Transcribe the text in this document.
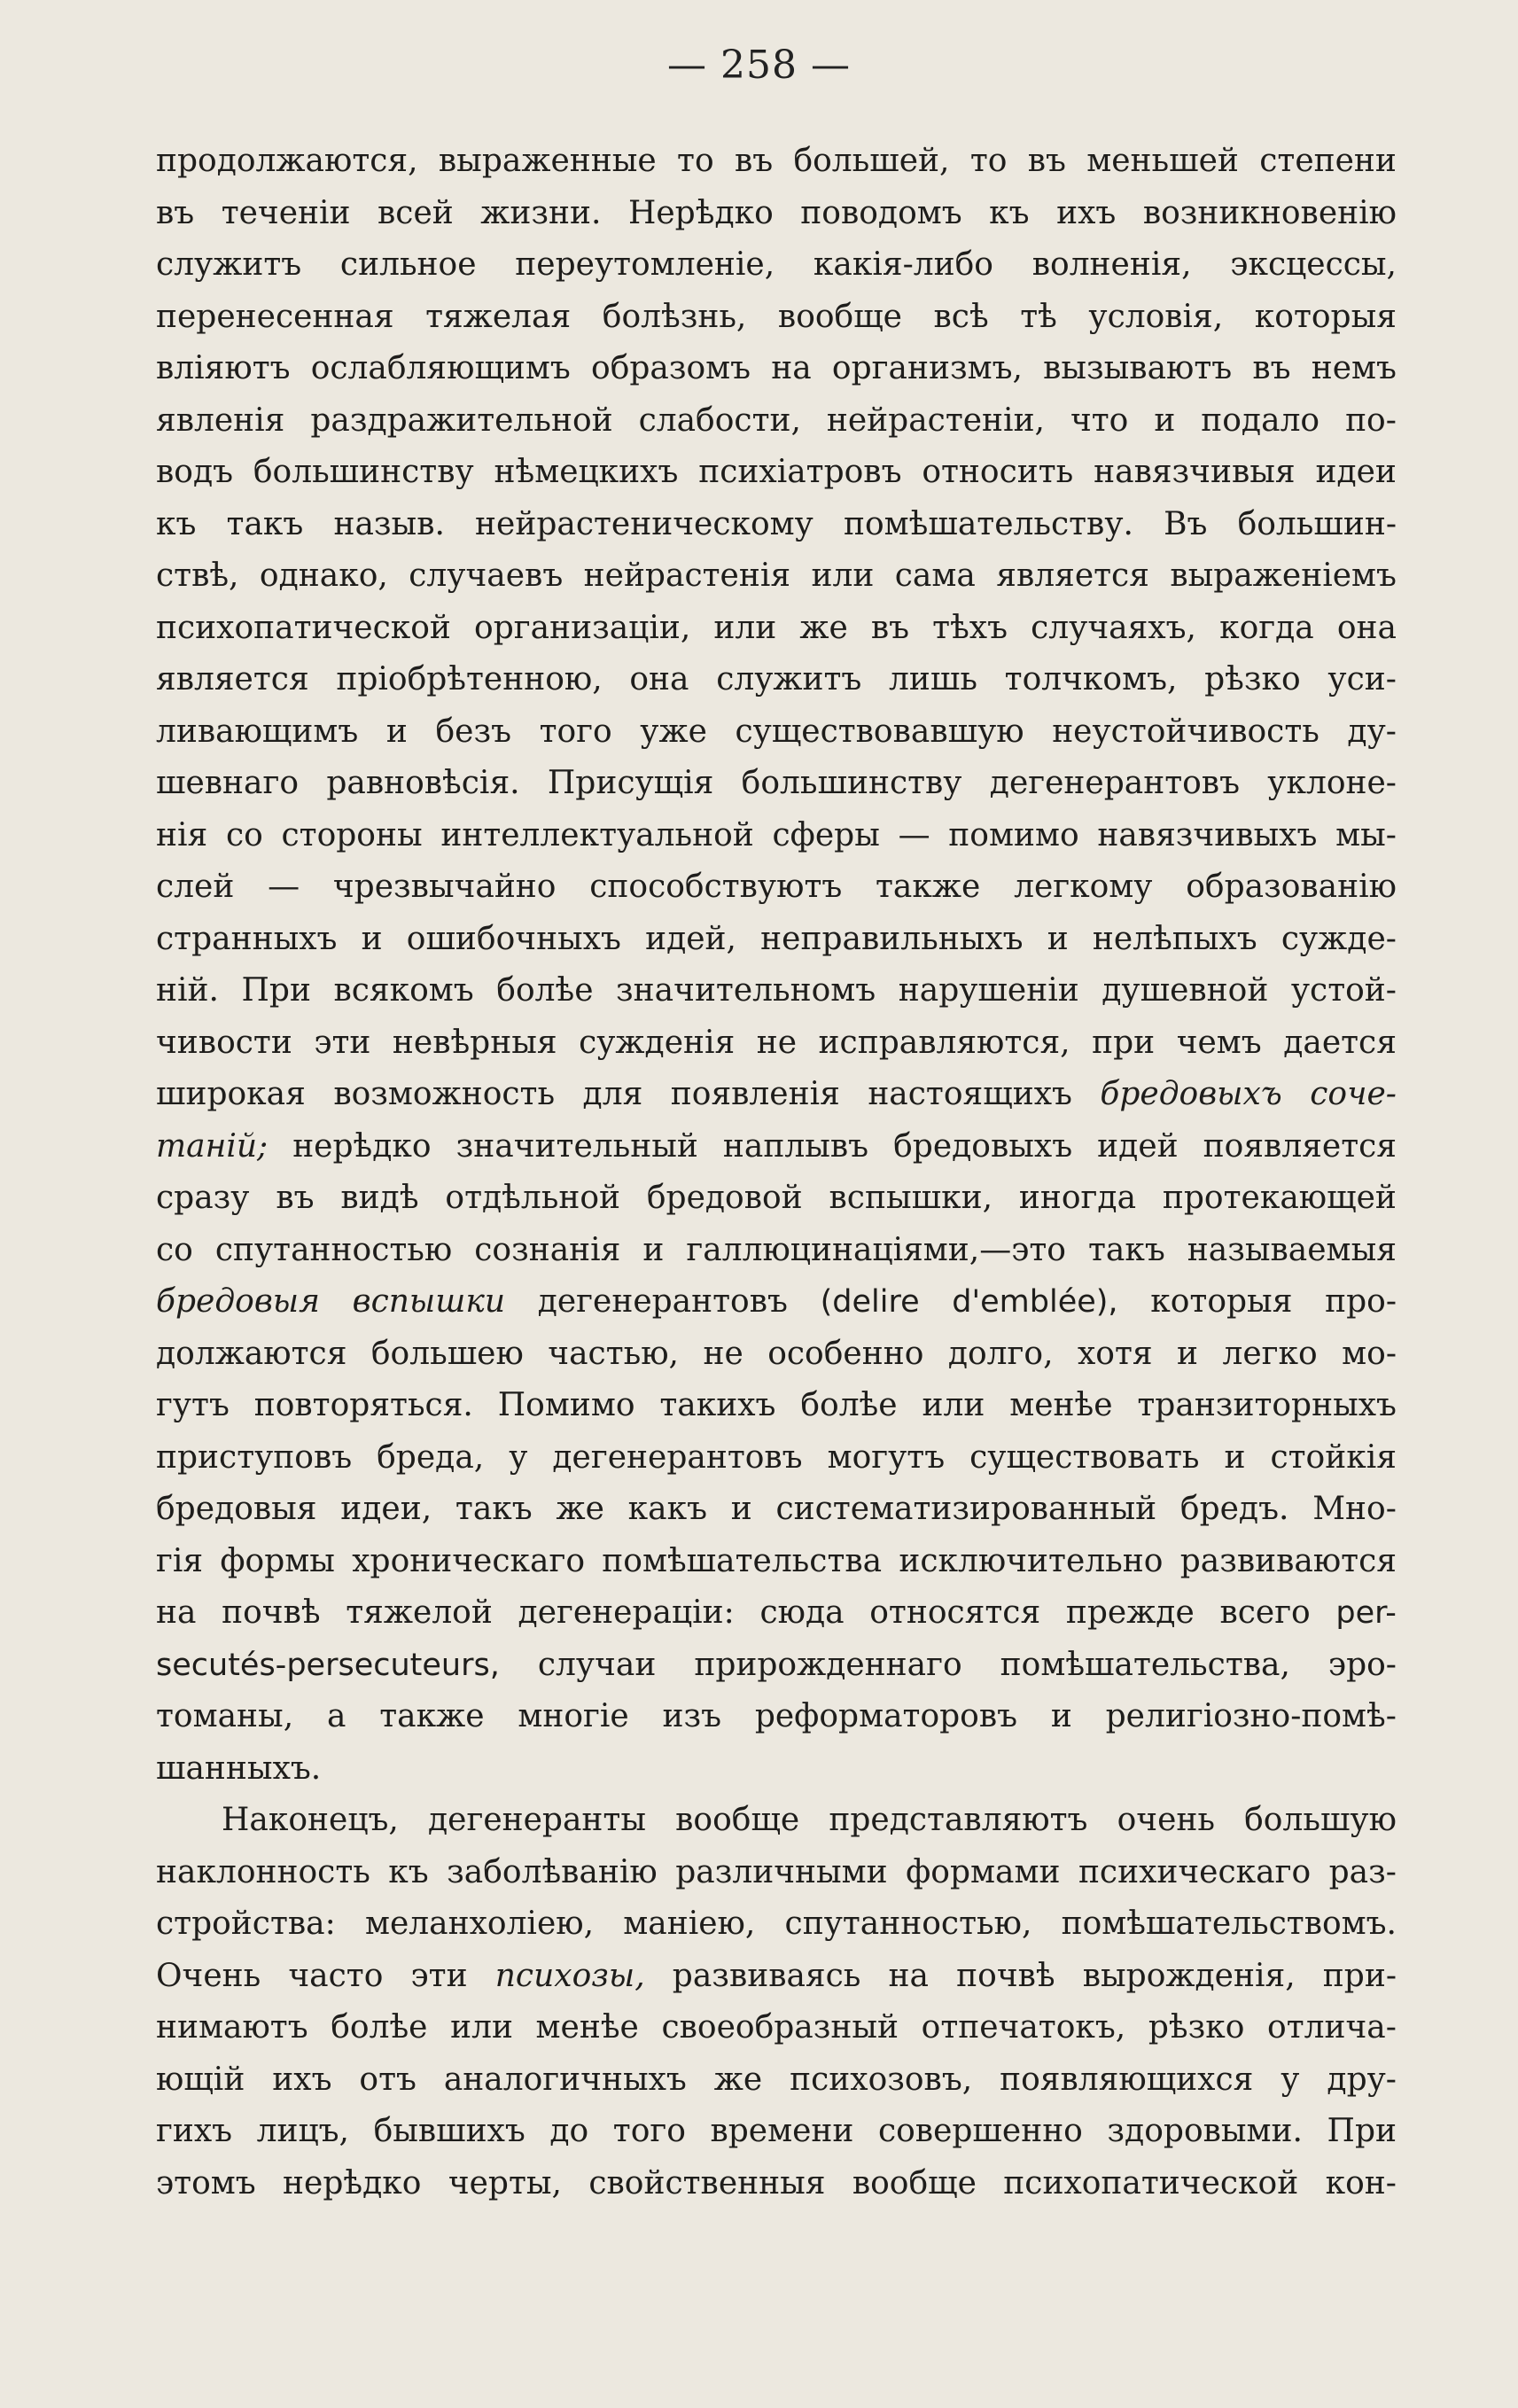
— 258 —
продолжаются, выраженные то въ большей, то въ меньшей степени
въ теченіи всей жизни. Нерѣдко поводомъ къ ихъ возникновенію
служитъ сильное переутомленіе, какія-либо волненія, эксцессы,
перенесенная тяжелая болѣзнь, вообще всѣ тѣ условія, которыя
вліяютъ ослабляющимъ образомъ на организмъ, вызываютъ въ немъ
явленія раздражительной слабости, нейрастеніи, что и подало по-
водъ большинству нѣмецкихъ психіатровъ относить навязчивыя идеи
къ такъ назыв. нейрастеническому помѣшательству. Въ большин-
ствѣ, однако, случаевъ нейрастенія или сама является выраженіемъ
психопатической организаціи, или же въ тѣхъ случаяхъ, когда она
является пріобрѣтенною, она служитъ лишь толчкомъ, рѣзко уси-
ливающимъ и безъ того уже существовавшую неустойчивость ду-
шевнаго равновѣсія. Присущія большинству дегенерантовъ уклоне-
нія со стороны интеллектуальной сферы — помимо навязчивыхъ мы-
слей — чрезвычайно способствуютъ также легкому образованію
странныхъ и ошибочныхъ идей, неправильныхъ и нелѣпыхъ сужде-
ній. При всякомъ болѣе значительномъ нарушеніи душевной устой-
чивости эти невѣрныя сужденія не исправляются, при чемъ дается
широкая возможность для появленія настоящихъ бредовыхъ соче-
таній; нерѣдко значительный наплывъ бредовыхъ идей появляется
сразу въ видѣ отдѣльной бредовой вспышки, иногда протекающей
со спутанностью сознанія и галлюцинаціями,—это такъ называемыя
бредовыя вспышки дегенерантовъ (delire d'emblée), которыя про-
должаются большею частью, не особенно долго, хотя и легко мо-
гутъ повторяться. Помимо такихъ болѣе или менѣе транзиторныхъ
приступовъ бреда, у дегенерантовъ могутъ существовать и стойкія
бредовыя идеи, такъ же какъ и систематизированный бредъ. Мно-
гія формы хроническаго помѣшательства исключительно развиваются
на почвѣ тяжелой дегенераціи: сюда относятся прежде всего per-
secutés-persecuteurs, случаи прирожденнаго помѣшательства, эро-
томаны, а также многіе изъ реформаторовъ и религіозно-помѣ-
шанныхъ.
Наконецъ, дегенеранты вообще представляютъ очень большую
наклонность къ заболѣванію различными формами психическаго раз-
стройства: меланхоліею, маніею, спутанностью, помѣшательствомъ.
Очень часто эти психозы, развиваясь на почвѣ вырожденія, при-
нимаютъ болѣе или менѣе своеобразный отпечатокъ, рѣзко отлича-
ющій ихъ отъ аналогичныхъ же психозовъ, появляющихся у дру-
гихъ лицъ, бывшихъ до того времени совершенно здоровыми. При
этомъ нерѣдко черты, свойственныя вообще психопатической кон-
